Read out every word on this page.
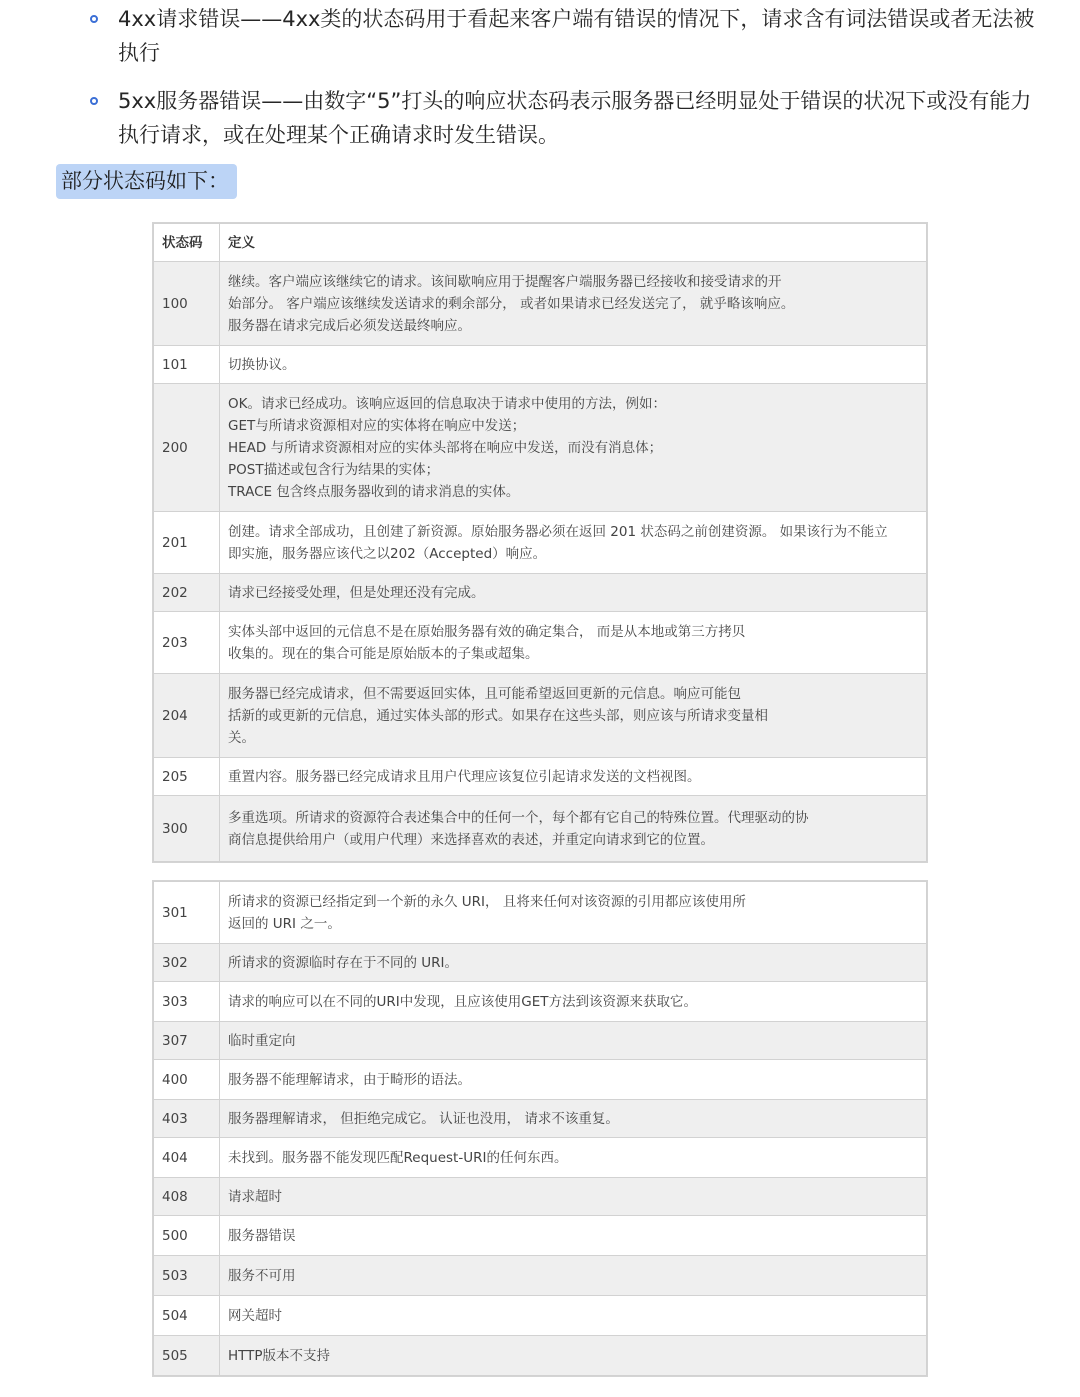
4xx请求错误——4xx类的状态码用于看起来客户端有错误的情况下，请求含有词法错误或者无法被执行
5xx服务器错误——由数字“5”打头的响应状态码表示服务器已经明显处于错误的状况下或没有能力执行请求，或在处理某个正确请求时发生错误。
部分状态码如下：
状态码	定义
100	继续。客户端应该继续它的请求。该间歇响应用于提醒客户端服务器已经接收和接受请求的开
始部分。 客户端应该继续发送请求的剩余部分， 或者如果请求已经发送完了， 就乎略该响应。
服务器在请求完成后必须发送最终响应。
101	切换协议。
200	OK。请求已经成功。该响应返回的信息取决于请求中使用的方法，例如：
GET与所请求资源相对应的实体将在响应中发送；
HEAD 与所请求资源相对应的实体头部将在响应中发送，而没有消息体；
POST描述或包含行为结果的实体；
TRACE 包含终点服务器收到的请求消息的实体。
201	创建。请求全部成功，且创建了新资源。原始服务器必须在返回 201 状态码之前创建资源。 如果该行为不能立
即实施，服务器应该代之以202（Accepted）响应。
202	请求已经接受处理，但是处理还没有完成。
203	实体头部中返回的元信息不是在原始服务器有效的确定集合， 而是从本地或第三方拷贝
收集的。现在的集合可能是原始版本的子集或超集。
204	服务器已经完成请求，但不需要返回实体，且可能希望返回更新的元信息。响应可能包
括新的或更新的元信息，通过实体头部的形式。如果存在这些头部，则应该与所请求变量相
关。
205	重置内容。服务器已经完成请求且用户代理应该复位引起请求发送的文档视图。
300	多重选项。所请求的资源符合表述集合中的任何一个，每个都有它自己的特殊位置。代理驱动的协
商信息提供给用户（或用户代理）来选择喜欢的表述，并重定向请求到它的位置。
301	所请求的资源已经指定到一个新的永久 URI， 且将来任何对该资源的引用都应该使用所
返回的 URI 之一。
302	所请求的资源临时存在于不同的 URI。
303	请求的响应可以在不同的URI中发现，且应该使用GET方法到该资源来获取它。
307	临时重定向
400	服务器不能理解请求，由于畸形的语法。
403	服务器理解请求， 但拒绝完成它。 认证也没用， 请求不该重复。
404	未找到。服务器不能发现匹配Request-URI的任何东西。
408	请求超时
500	服务器错误
503	服务不可用
504	网关超时
505	HTTP版本不支持
